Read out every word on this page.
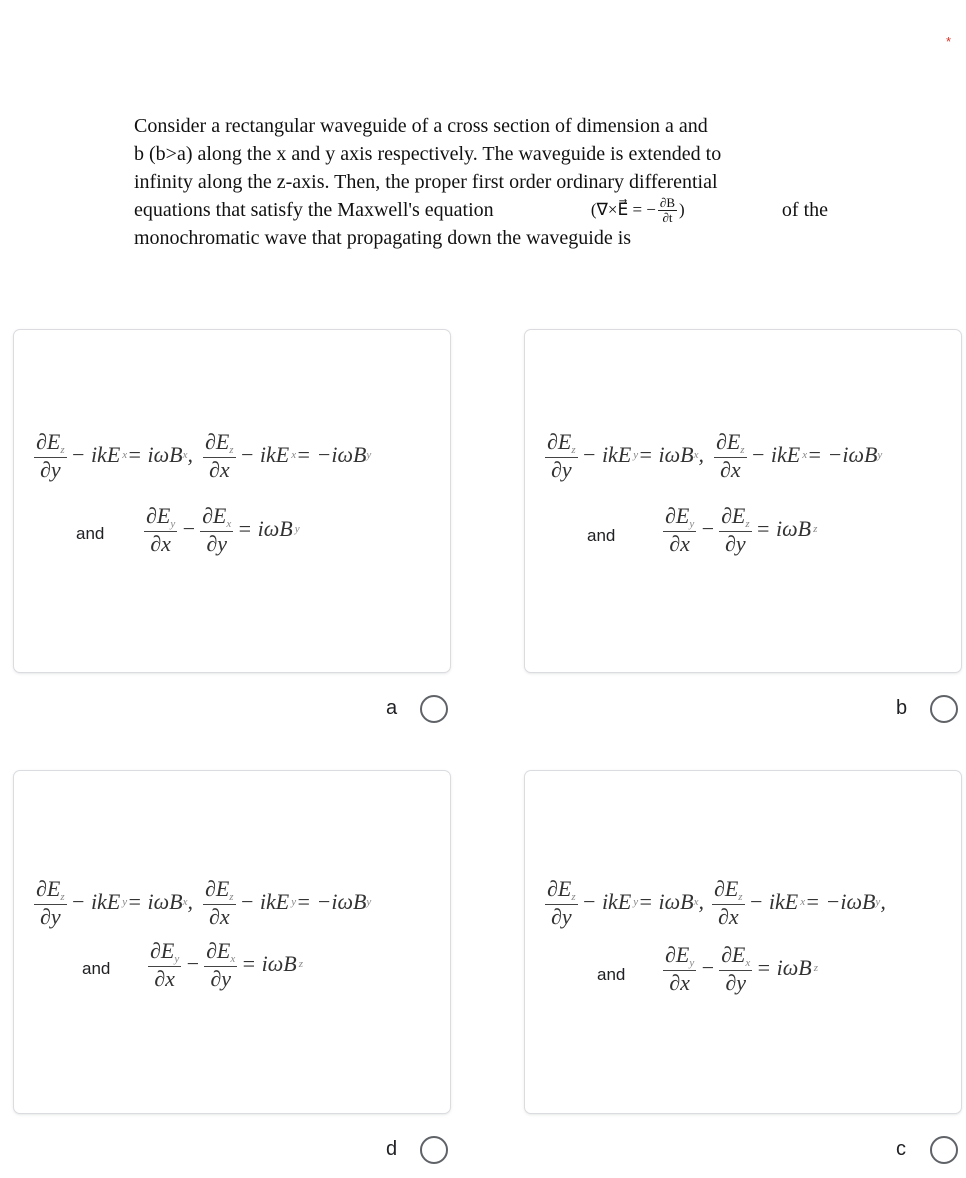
*
Consider a rectangular waveguide of a cross section of dimension a and
b (b>a) along the x and y axis respectively. The waveguide is extended to
infinity along the z-axis. Then, the proper first order ordinary differential
equations that satisfy the Maxwell's equation	(∇×E⃗ = − $\frac{\partial B}{\partial t}$ )	of the
monochromatic wave that propagating down the waveguide is
$\frac{\partial E_z}{\partial y}$ − ikE x = iωB x , $\frac{\partial E_z}{\partial x}$ − ikE x = −iωB y
and $\frac{\partial E_y}{\partial x} - \frac{\partial E_x}{\partial y} = i\omega B$ y
a
$\frac{\partial E_z}{\partial y}$ − ikE y = iωB x , $\frac{\partial E_z}{\partial x}$ − ikE x = −iωB y
and $\frac{\partial E_y}{\partial x} - \frac{\partial E_z}{\partial y} = i\omega B$ z
b
$\frac{\partial E_z}{\partial y}$ − ikE y = iωB x , $\frac{\partial E_z}{\partial x}$ − ikE y = −iωB y
and $\frac{\partial E_y}{\partial x} - \frac{\partial E_x}{\partial y} = i\omega B$ z
d
$\frac{\partial E_z}{\partial y}$ − ikE y = iωB x , $\frac{\partial E_z}{\partial x}$ − ikE x = −iωB y ,
and $\frac{\partial E_y}{\partial x} - \frac{\partial E_x}{\partial y} = i\omega B$ z
c
